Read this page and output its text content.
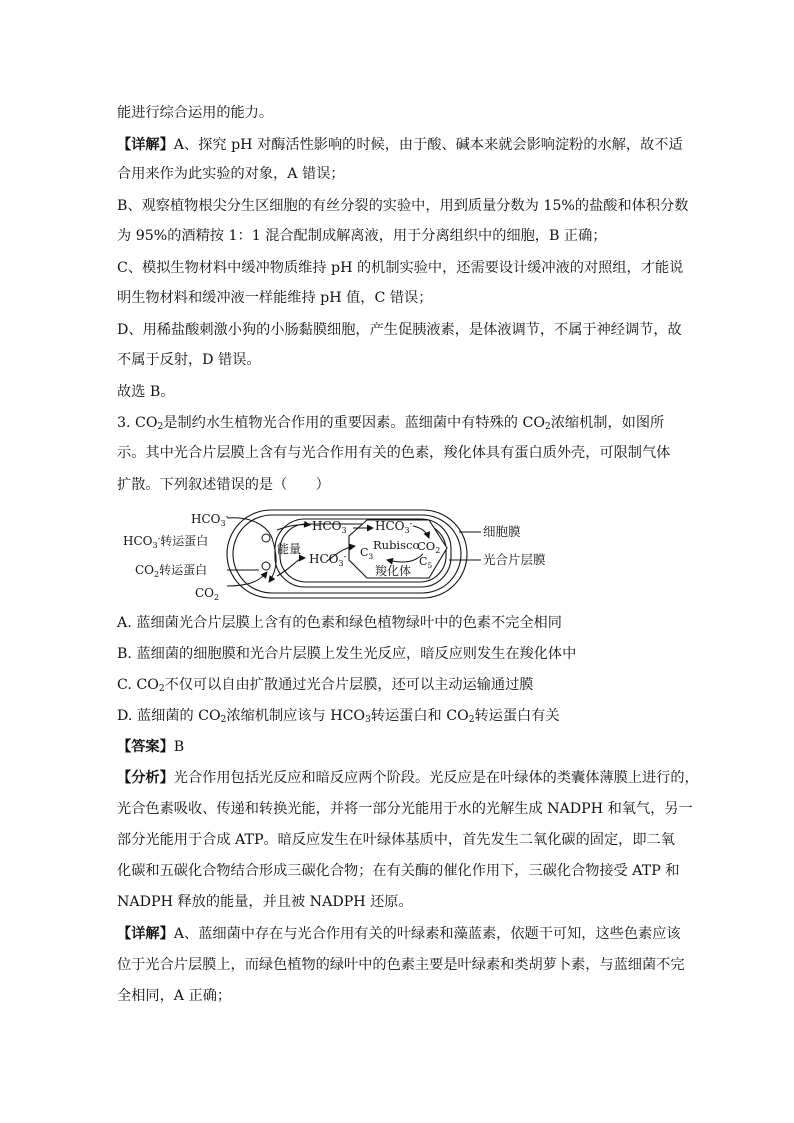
能进行综合运用的能力。
【详解】A、探究 pH 对酶活性影响的时候，由于酸、碱本来就会影响淀粉的水解，故不适
合用来作为此实验的对象，A 错误；
B、观察植物根尖分生区细胞的有丝分裂的实验中，用到质量分数为 15%的盐酸和体积分数
为 95%的酒精按 1：1 混合配制成解离液，用于分离组织中的细胞，B 正确；
C、模拟生物材料中缓冲物质维持 pH 的机制实验中，还需要设计缓冲液的对照组，才能说
明生物材料和缓冲液一样能维持 pH 值，C 错误；
D、用稀盐酸刺激小狗的小肠黏膜细胞，产生促胰液素，是体液调节，不属于神经调节，故
不属于反射，D 错误。
故选 B。
3. $CO_2$是制约水生植物光合作用的重要因素。蓝细菌中有特殊的 $CO_2$浓缩机制，如图所
示。其中光合片层膜上含有与光合作用有关的色素，羧化体具有蛋白质外壳，可限制气体
扩散。下列叙述错误的是（　　）
$HCO_3^-$
$HCO_3^-$转运蛋白
能量
$CO_2$转运蛋白
$CO_2$
$HCO_3^-$
$HCO_3^-$
$HCO_3^-$
Rubisco
$C_3$
$CO_2$
$C_5$
羧化体
细胞膜
光合片层膜
A. 蓝细菌光合片层膜上含有的色素和绿色植物绿叶中的色素不完全相同
B. 蓝细菌的细胞膜和光合片层膜上发生光反应，暗反应则发生在羧化体中
C. $CO_2$不仅可以自由扩散通过光合片层膜，还可以主动运输通过膜
D. 蓝细菌的 $CO_2$浓缩机制应该与 $HCO_3$转运蛋白和 $CO_2$转运蛋白有关
【答案】B
【分析】光合作用包括光反应和暗反应两个阶段。光反应是在叶绿体的类囊体薄膜上进行的，
光合色素吸收、传递和转换光能，并将一部分光能用于水的光解生成 NADPH 和氧气，另一
部分光能用于合成 ATP。暗反应发生在叶绿体基质中，首先发生二氧化碳的固定，即二氧
化碳和五碳化合物结合形成三碳化合物；在有关酶的催化作用下，三碳化合物接受 ATP 和
NADPH 释放的能量，并且被 NADPH 还原。
【详解】A、蓝细菌中存在与光合作用有关的叶绿素和藻蓝素，依题干可知，这些色素应该
位于光合片层膜上，而绿色植物的绿叶中的色素主要是叶绿素和类胡萝卜素，与蓝细菌不完
全相同，A 正确；
